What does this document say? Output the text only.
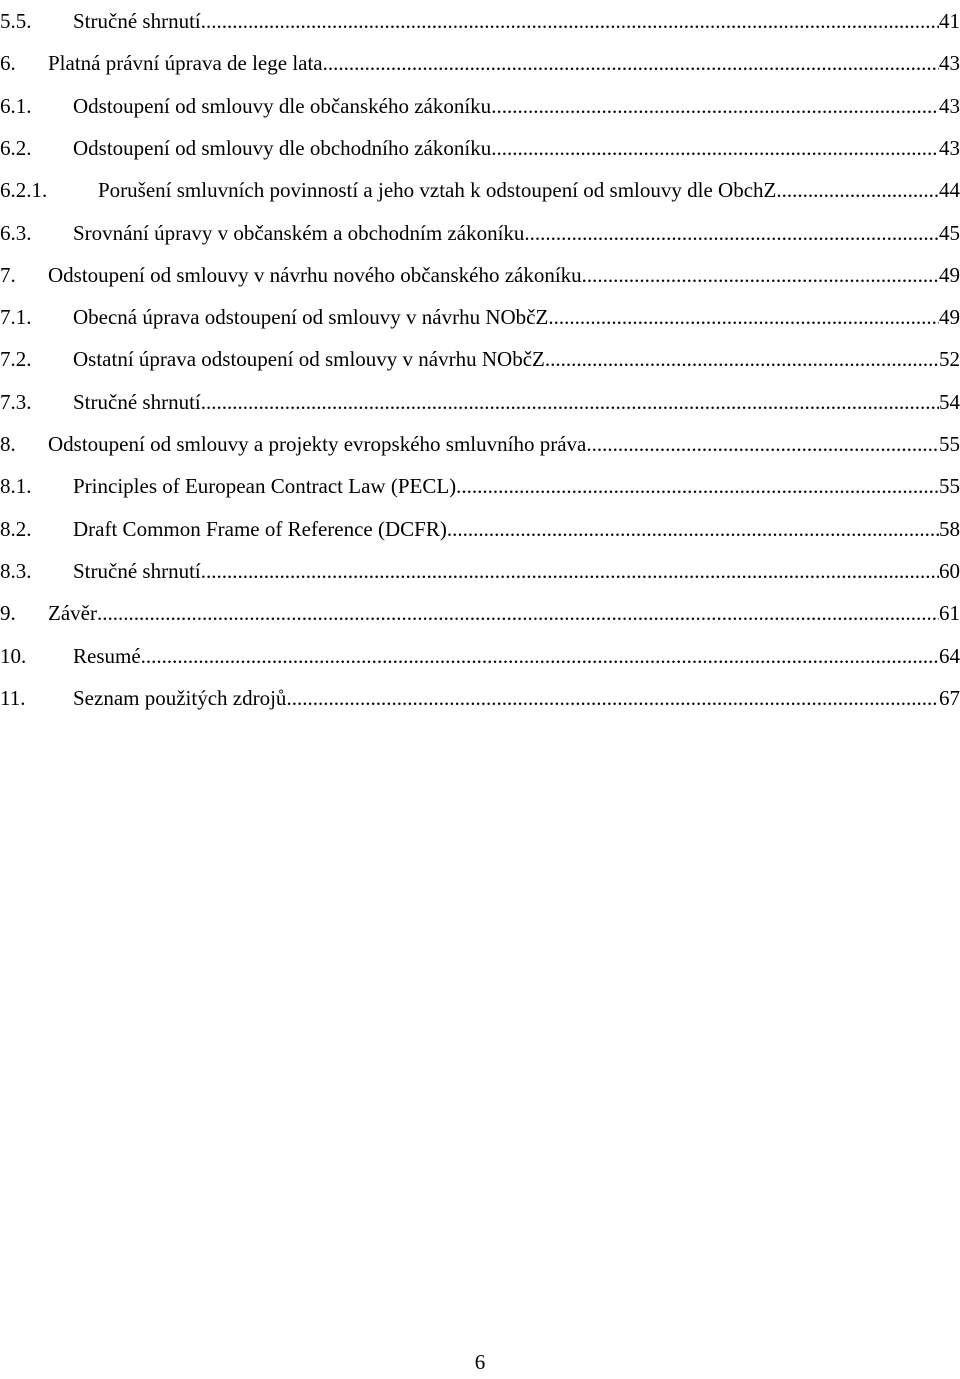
5.5.	Stručné shrnutí .....	41
6.	Platná právní úprava de lege lata .....	43
6.1.	Odstoupení od smlouvy dle občanského zákoníku .....	43
6.2.	Odstoupení od smlouvy dle obchodního zákoníku .....	43
6.2.1.	Porušení smluvních povinností a jeho vztah k odstoupení od smlouvy dle ObchZ .....	44
6.3.	Srovnání úpravy v občanském a obchodním zákoníku .....	45
7.	Odstoupení od smlouvy v návrhu nového občanského zákoníku .....	49
7.1.	Obecná úprava odstoupení od smlouvy v návrhu NObčZ .....	49
7.2.	Ostatní úprava odstoupení od smlouvy v návrhu NObčZ .....	52
7.3.	Stručné shrnutí .....	54
8.	Odstoupení od smlouvy a projekty evropského smluvního práva .....	55
8.1.	Principles of European Contract Law (PECL) .....	55
8.2.	Draft Common Frame of Reference (DCFR) .....	58
8.3.	Stručné shrnutí .....	60
9.	Závěr .....	61
10.	Resumé .....	64
11.	Seznam použitých zdrojů .....	67
6
